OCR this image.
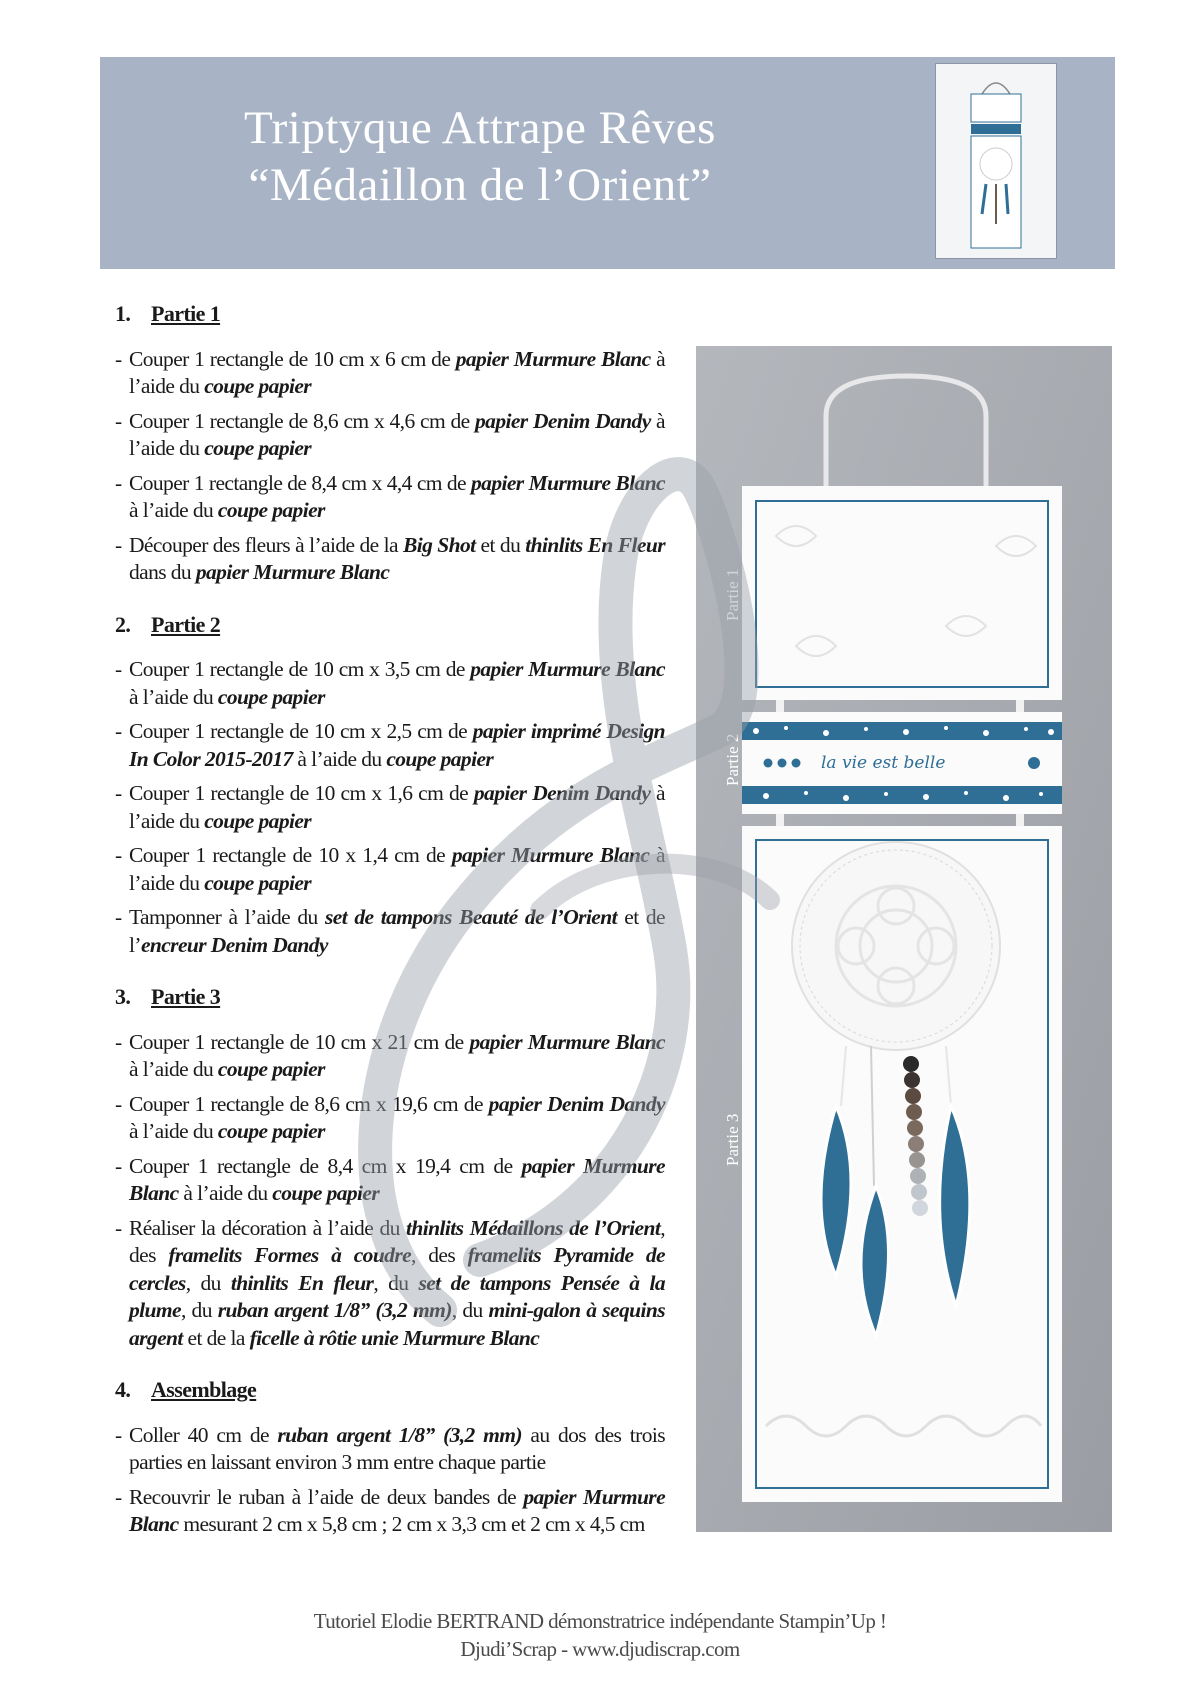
Triptyque Attrape Rêves
“Médaillon de l’Orient”
1. Partie 1
- Couper 1 rectangle de 10 cm x 6 cm de papier Murmure Blanc à l’aide du coupe papier
- Couper 1 rectangle de 8,6 cm x 4,6 cm de papier Denim Dandy à l’aide du coupe papier
- Couper 1 rectangle de 8,4 cm x 4,4 cm de papier Murmure Blanc à l’aide du coupe papier
- Découper des fleurs à l’aide de la Big Shot et du thinlits En Fleur dans du papier Murmure Blanc
2. Partie 2
- Couper 1 rectangle de 10 cm x 3,5 cm de papier Murmure Blanc à l’aide du coupe papier
- Couper 1 rectangle de 10 cm x 2,5 cm de papier imprimé Design In Color 2015-2017 à l’aide du coupe papier
- Couper 1 rectangle de 10 cm x 1,6 cm de papier Denim Dandy à l’aide du coupe papier
- Couper 1 rectangle de 10 x 1,4 cm de papier Murmure Blanc à l’aide du coupe papier
- Tamponner à l’aide du set de tampons Beauté de l’Orient et de l’encreur Denim Dandy
3. Partie 3
- Couper 1 rectangle de 10 cm x 21 cm de papier Murmure Blanc à l’aide du coupe papier
- Couper 1 rectangle de 8,6 cm x 19,6 cm de papier Denim Dandy à l’aide du coupe papier
- Couper 1 rectangle de 8,4 cm x 19,4 cm de papier Murmure Blanc à l’aide du coupe papier
- Réaliser la décoration à l’aide du thinlits Médaillons de l’Orient, des framelits Formes à coudre, des framelits Pyramide de cercles, du thinlits En fleur, du set de tampons Pensée à la plume, du ruban argent 1/8” (3,2 mm), du mini-galon à sequins argent et de la ficelle à rôtie unie Murmure Blanc
4. Assemblage
- Coller 40 cm de ruban argent 1/8” (3,2 mm) au dos des trois parties en laissant environ 3 mm entre chaque partie
- Recouvrir le ruban à l’aide de deux bandes de papier Murmure Blanc mesurant 2 cm x 5,8 cm ; 2 cm x 3,3 cm et 2 cm x 4,5 cm
la vie est belle
Partie 1
Partie 2
Partie 3
Tutoriel Elodie BERTRAND démonstratrice indépendante Stampin’Up !
Djudi’Scrap - www.djudiscrap.com
